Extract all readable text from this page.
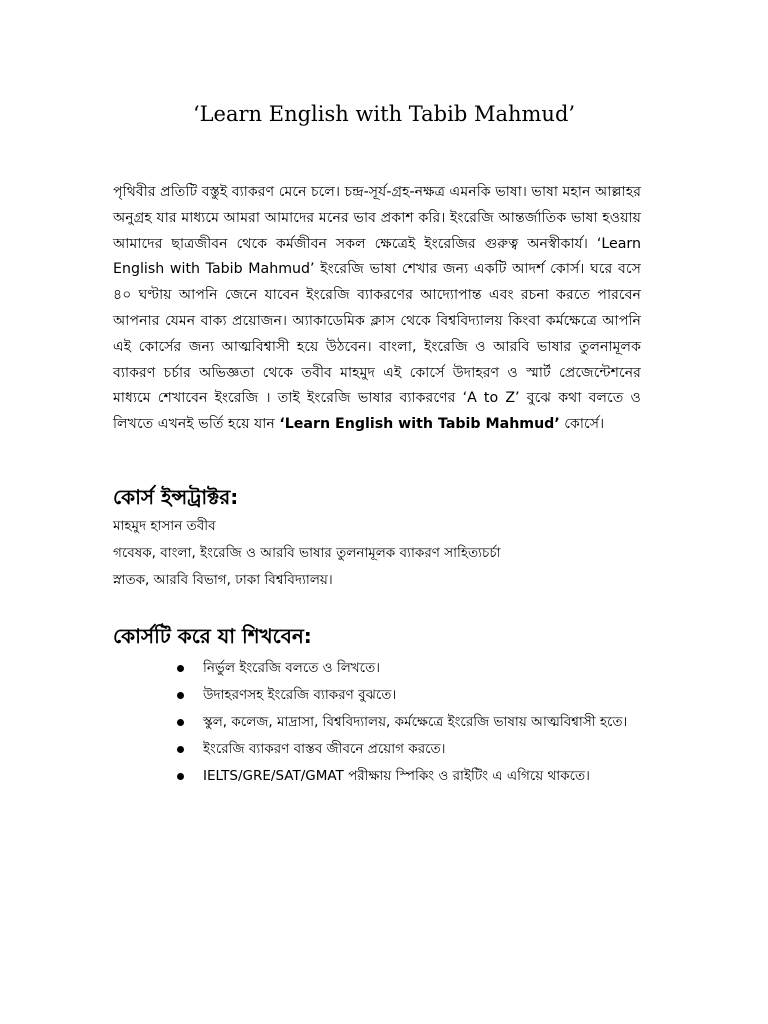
‘Learn English with Tabib Mahmud’

পৃথিবীর প্রতিটি বস্তুই ব্যাকরণ মেনে চলে। চন্দ্র-সূর্য-গ্রহ-নক্ষত্র এমনকি ভাষা। ভাষা মহান আল্লাহর অনুগ্রহ যার মাধ্যমে আমরা আমাদের মনের ভাব প্রকাশ করি। ইংরেজি আন্তর্জাতিক ভাষা হওয়ায় আমাদের ছাত্রজীবন থেকে কর্মজীবন সকল ক্ষেত্রেই ইংরেজির গুরুত্ব অনস্বীকার্য। ‘Learn English with Tabib Mahmud’ ইংরেজি ভাষা শেখার জন্য একটি আদর্শ কোর্স। ঘরে বসে ৪০ ঘণ্টায় আপনি জেনে যাবেন ইংরেজি ব্যাকরণের আদ্যোপান্ত এবং রচনা করতে পারবেন আপনার যেমন বাক্য প্রয়োজন। অ্যাকাডেমিক ক্লাস থেকে বিশ্ববিদ্যালয় কিংবা কর্মক্ষেত্রে আপনি এই কোর্সের জন্য আত্মবিশ্বাসী হয়ে উঠবেন। বাংলা, ইংরেজি ও আরবি ভাষার তুলনামূলক ব্যাকরণ চর্চার অভিজ্ঞতা থেকে তবীব মাহমুদ এই কোর্সে উদাহরণ ও স্মার্ট প্রেজেন্টেশনের মাধ্যমে শেখাবেন ইংরেজি । তাই ইংরেজি ভাষার ব্যাকরণের ‘A to Z’ বুঝে কথা বলতে ও লিখতে এখনই ভর্তি হয়ে যান ‘Learn English with Tabib Mahmud’ কোর্সে।

কোর্স ইন্সট্রাক্টর:
মাহমুদ হাসান তবীব
গবেষক, বাংলা, ইংরেজি ও আরবি ভাষার তুলনামূলক ব্যাকরণ সাহিত্যচর্চা
স্নাতক, আরবি বিভাগ, ঢাকা বিশ্ববিদ্যালয়।
কোর্সটি করে যা শিখবেন:
নির্ভুল ইংরেজি বলতে ও লিখতে।
উদাহরণসহ ইংরেজি ব্যাকরণ বুঝতে।
স্কুল, কলেজ, মাদ্রাসা, বিশ্ববিদ্যালয়, কর্মক্ষেত্রে ইংরেজি ভাষায় আত্মবিশ্বাসী হতে।
ইংরেজি ব্যাকরণ বাস্তব জীবনে প্রয়োগ করতে।
IELTS/GRE/SAT/GMAT পরীক্ষায় স্পিকিং ও রাইটিং এ এগিয়ে থাকতে।
